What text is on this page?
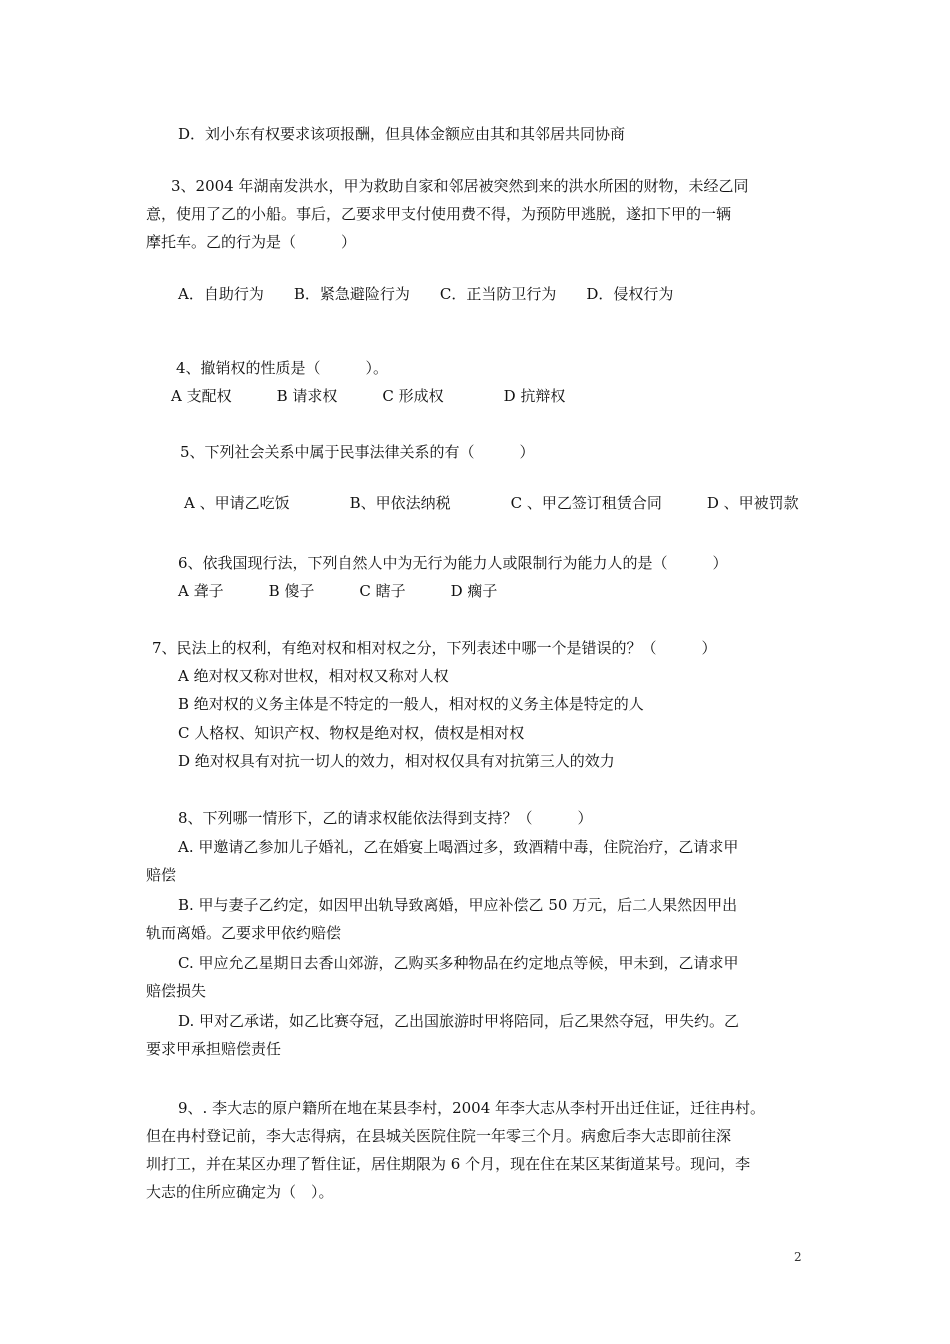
D．刘小东有权要求该项报酬，但具体金额应由其和其邻居共同协商
3、2004 年湖南发洪水，甲为救助自家和邻居被突然到来的洪水所困的财物，未经乙同
意，使用了乙的小船。事后，乙要求甲支付使用费不得，为预防甲逃脱，遂扣下甲的一辆
摩托车。乙的行为是（　　　）
A．自助行为　　B．紧急避险行为　　C．正当防卫行为　　D．侵权行为
4、撤销权的性质是（　　　）。
A 支配权　　　B 请求权　　　C 形成权　　　　D 抗辩权
5、下列社会关系中属于民事法律关系的有（　　　）
A 、甲请乙吃饭　　　　B、甲依法纳税　　　　C 、甲乙签订租赁合同　　　D 、甲被罚款
6、依我国现行法，下列自然人中为无行为能力人或限制行为能力人的是（　　　）
A 聋子　　　B 傻子　　　C 瞎子　　　D 瘸子
7、民法上的权利，有绝对权和相对权之分，下列表述中哪一个是错误的？（　　　）
A 绝对权又称对世权，相对权又称对人权
B 绝对权的义务主体是不特定的一般人，相对权的义务主体是特定的人
C 人格权、知识产权、物权是绝对权，债权是相对权
D 绝对权具有对抗一切人的效力，相对权仅具有对抗第三人的效力
8、下列哪一情形下，乙的请求权能依法得到支持？（　　　）
A. 甲邀请乙参加儿子婚礼，乙在婚宴上喝酒过多，致酒精中毒，住院治疗，乙请求甲
赔偿
B. 甲与妻子乙约定，如因甲出轨导致离婚，甲应补偿乙 50 万元，后二人果然因甲出
轨而离婚。乙要求甲依约赔偿
C. 甲应允乙星期日去香山郊游，乙购买多种物品在约定地点等候，甲未到，乙请求甲
赔偿损失
D. 甲对乙承诺，如乙比赛夺冠，乙出国旅游时甲将陪同，后乙果然夺冠，甲失约。乙
要求甲承担赔偿责任
9、. 李大志的原户籍所在地在某县李村，2004 年李大志从李村开出迁住证，迁往冉村。
但在冉村登记前，李大志得病，在县城关医院住院一年零三个月。病愈后李大志即前往深
圳打工，并在某区办理了暂住证，居住期限为 6 个月，现在住在某区某街道某号。现问，李
大志的住所应确定为（　）。
2
